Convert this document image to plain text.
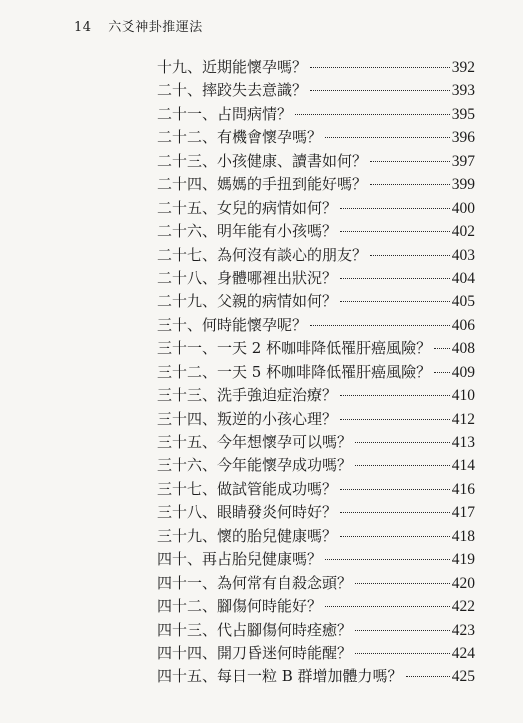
14 六爻神卦推運法
十九、近期能懷孕嗎？	392
二十、摔跤失去意識？	393
二十一、占問病情？	395
二十二、有機會懷孕嗎？	396
二十三、小孩健康、讀書如何？	397
二十四、媽媽的手扭到能好嗎？	399
二十五、女兒的病情如何？	400
二十六、明年能有小孩嗎？	402
二十七、為何沒有談心的朋友？	403
二十八、身體哪裡出狀況？	404
二十九、父親的病情如何？	405
三十、何時能懷孕呢？	406
三十一、一天 2 杯咖啡降低罹肝癌風險？ 408
三十二、一天 5 杯咖啡降低罹肝癌風險？ 409
三十三、洗手強迫症治療？	410
三十四、叛逆的小孩心理？	412
三十五、今年想懷孕可以嗎？	413
三十六、今年能懷孕成功嗎？	414
三十七、做試管能成功嗎？	416
三十八、眼睛發炎何時好？	417
三十九、懷的胎兒健康嗎？	418
四十、再占胎兒健康嗎？	419
四十一、為何常有自殺念頭？	420
四十二、腳傷何時能好？	422
四十三、代占腳傷何時痊癒？	423
四十四、開刀昏迷何時能醒？	424
四十五、每日一粒 B 群增加體力嗎？	425
